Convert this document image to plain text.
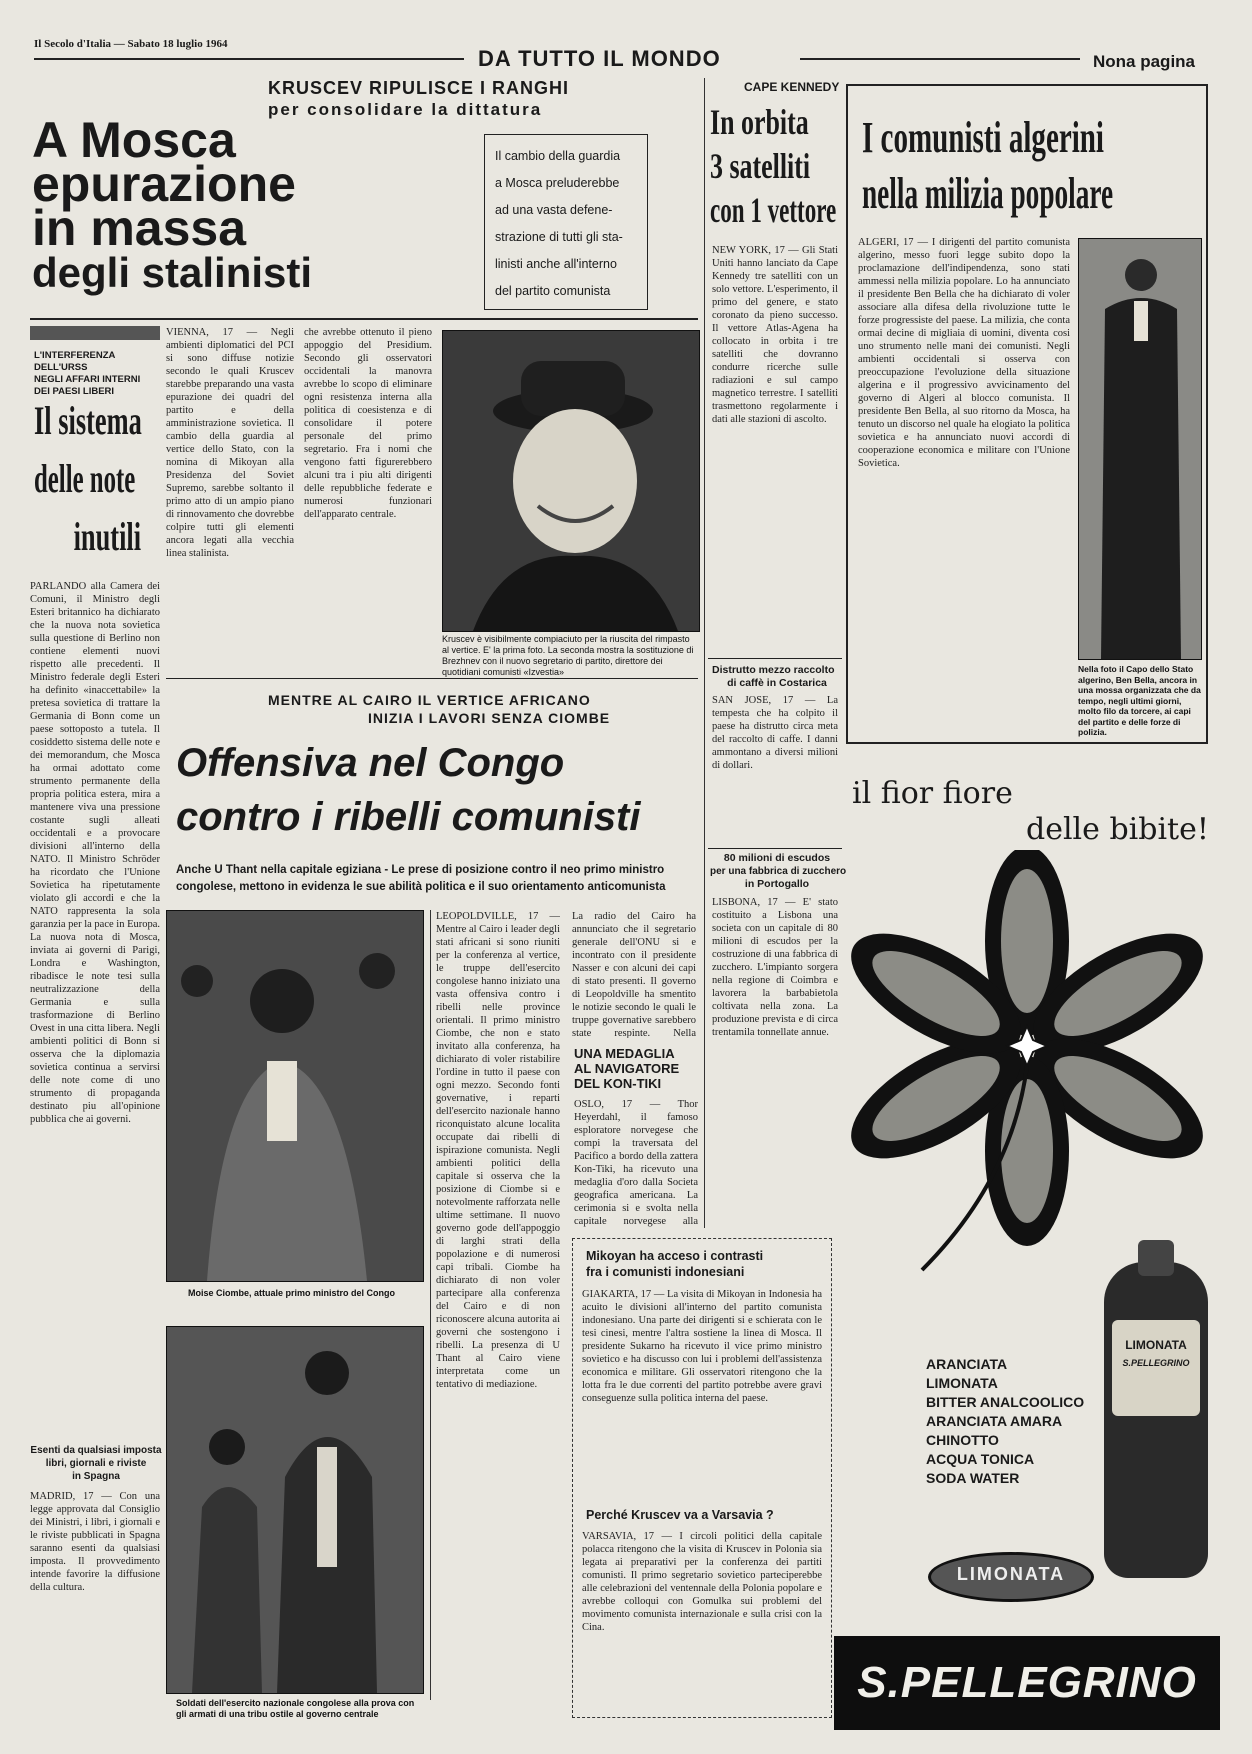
Il Secolo d'Italia — Sabato 18 luglio 1964
DA TUTTO IL MONDO	Nona pagina
KRUSCEV RIPULISCE I RANGHI
per consolidare la dittatura
A Mosca
epurazione
in massa
degli stalinisti
Il cambio della guardia
a Mosca preluderebbe
ad una vasta defene-
strazione di tutti gli sta-
linisti anche all'interno
del partito comunista

VIENNA, 17 — Negli ambienti diplomatici del PCI si sono diffuse notizie secondo le quali Kruscev starebbe preparando una vasta epurazione dei quadri del partito e della amministrazione sovietica. Il cambio della guardia al vertice dello Stato, con la nomina di Mikoyan alla Presidenza del Soviet Supremo, sarebbe soltanto il primo atto di un ampio piano di rinnovamento che dovrebbe colpire tutti gli elementi ancora legati alla vecchia linea stalinista.

che avrebbe ottenuto il pieno appoggio del Presidium. Secondo gli osservatori occidentali la manovra avrebbe lo scopo di eliminare ogni resistenza interna alla politica di coesistenza e di consolidare il potere personale del primo segretario. Fra i nomi che vengono fatti figurerebbero alcuni tra i piu alti dirigenti delle repubbliche federate e numerosi funzionari dell'apparato centrale.

Kruscev è visibilmente compiaciuto per la riuscita del rimpasto al vertice. E' la prima foto. La seconda mostra la sostituzione di Brezhnev con il nuovo segretario di partito, direttore dei quotidiani comunisti «Izvestia»

L'INTERFERENZA DELL'URSS
NEGLI AFFARI INTERNI
DEI PAESI LIBERI
Il sistema
delle note
inutili

PARLANDO alla Camera dei Comuni, il Ministro degli Esteri britannico ha dichiarato che la nuova nota sovietica sulla questione di Berlino non contiene elementi nuovi rispetto alle precedenti. Il Ministro federale degli Esteri ha definito «inaccettabile» la pretesa sovietica di trattare la Germania di Bonn come un paese sottoposto a tutela. Il cosiddetto sistema delle note e dei memorandum, che Mosca ha ormai adottato come strumento permanente della propria politica estera, mira a mantenere viva una pressione costante sugli alleati occidentali e a provocare divisioni all'interno della NATO. Il Ministro Schröder ha ricordato che l'Unione Sovietica ha ripetutamente violato gli accordi e che la NATO rappresenta la sola garanzia per la pace in Europa. La nuova nota di Mosca, inviata ai governi di Parigi, Londra e Washington, ribadisce le note tesi sulla neutralizzazione della Germania e sulla trasformazione di Berlino Ovest in una citta libera. Negli ambienti politici di Bonn si osserva che la diplomazia sovietica continua a servirsi delle note come di uno strumento di propaganda destinato piu all'opinione pubblica che ai governi.

Esenti da qualsiasi imposta
libri, giornali e riviste
in Spagna

MADRID, 17 — Con una legge approvata dal Consiglio dei Ministri, i libri, i giornali e le riviste pubblicati in Spagna saranno esenti da qualsiasi imposta. Il provvedimento intende favorire la diffusione della cultura.

MENTRE AL CAIRO IL VERTICE AFRICANO
INIZIA I LAVORI SENZA CIOMBE
Offensiva nel Congo
contro i ribelli comunisti

Anche U Thant nella capitale egiziana - Le prese di posizione contro il neo primo ministro congolese, mettono in evidenza le sue abilità politica e il suo orientamento anticomunista

Moise Ciombe, attuale primo ministro del Congo

Soldati dell'esercito nazionale congolese alla prova con gli armati di una tribu ostile al governo centrale

LEOPOLDVILLE, 17 — Mentre al Cairo i leader degli stati africani si sono riuniti per la conferenza al vertice, le truppe dell'esercito congolese hanno iniziato una vasta offensiva contro i ribelli nelle province orientali. Il primo ministro Ciombe, che non e stato invitato alla conferenza, ha dichiarato di voler ristabilire l'ordine in tutto il paese con ogni mezzo. Secondo fonti governative, i reparti dell'esercito nazionale hanno riconquistato alcune localita occupate dai ribelli di ispirazione comunista. Negli ambienti politici della capitale si osserva che la posizione di Ciombe si e notevolmente rafforzata nelle ultime settimane. Il nuovo governo gode dell'appoggio di larghi strati della popolazione e di numerosi capi tribali. Ciombe ha dichiarato di non voler partecipare alla conferenza del Cairo e di non riconoscere alcuna autorita ai governi che sostengono i ribelli. La presenza di U Thant al Cairo viene interpretata come un tentativo di mediazione.

La radio del Cairo ha annunciato che il segretario generale dell'ONU si e incontrato con il presidente Nasser e con alcuni dei capi di stato presenti. Il governo di Leopoldville ha smentito le notizie secondo le quali le truppe governative sarebbero state respinte. Nella

UNA MEDAGLIA
AL NAVIGATORE
DEL KON-TIKI

OSLO, 17 — Thor Heyerdahl, il famoso esploratore norvegese che compi la traversata del Pacifico a bordo della zattera Kon-Tiki, ha ricevuto una medaglia d'oro dalla Societa geografica americana. La cerimonia si e svolta nella capitale norvegese alla

CAPE KENNEDY
In orbita
3 satelliti
con 1 vettore

NEW YORK, 17 — Gli Stati Uniti hanno lanciato da Cape Kennedy tre satelliti con un solo vettore. L'esperimento, il primo del genere, e stato coronato da pieno successo. Il vettore Atlas-Agena ha collocato in orbita i tre satelliti che dovranno condurre ricerche sulle radiazioni e sul campo magnetico terrestre. I satelliti trasmettono regolarmente i dati alle stazioni di ascolto.

Distrutto mezzo raccolto
di caffè in Costarica

SAN JOSE, 17 — La tempesta che ha colpito il paese ha distrutto circa meta del raccolto di caffe. I danni ammontano a diversi milioni di dollari.

80 milioni di escudos
per una fabbrica di zucchero
in Portogallo

LISBONA, 17 — E' stato costituito a Lisbona una societa con un capitale di 80 milioni di escudos per la costruzione di una fabbrica di zucchero. L'impianto sorgera nella regione di Coimbra e lavorera la barbabietola coltivata nella zona. La produzione prevista e di circa trentamila tonnellate annue.

I comunisti algerini
nella milizia popolare

ALGERI, 17 — I dirigenti del partito comunista algerino, messo fuori legge subito dopo la proclamazione dell'indipendenza, sono stati ammessi nella milizia popolare. Lo ha annunciato il presidente Ben Bella che ha dichiarato di voler associare alla difesa della rivoluzione tutte le forze progressiste del paese. La milizia, che conta ormai decine di migliaia di uomini, diventa cosi uno strumento nelle mani dei comunisti. Negli ambienti occidentali si osserva con preoccupazione l'evoluzione della situazione algerina e il progressivo avvicinamento del governo di Algeri al blocco comunista. Il presidente Ben Bella, al suo ritorno da Mosca, ha tenuto un discorso nel quale ha elogiato la politica sovietica e ha annunciato nuovi accordi di cooperazione economica e militare con l'Unione Sovietica.

Nella foto il Capo dello Stato algerino, Ben Bella, ancora in una mossa organizzata che da tempo, negli ultimi giorni, molto filo da torcere, ai capi del partito e delle forze di polizia.

Mikoyan ha acceso i contrasti
fra i comunisti indonesiani

GIAKARTA, 17 — La visita di Mikoyan in Indonesia ha acuito le divisioni all'interno del partito comunista indonesiano. Una parte dei dirigenti si e schierata con le tesi cinesi, mentre l'altra sostiene la linea di Mosca. Il presidente Sukarno ha ricevuto il vice primo ministro sovietico e ha discusso con lui i problemi dell'assistenza economica e militare. Gli osservatori ritengono che la lotta fra le due correnti del partito potrebbe avere gravi conseguenze sulla politica interna del paese.

Perché Kruscev va a Varsavia ?

VARSAVIA, 17 — I circoli politici della capitale polacca ritengono che la visita di Kruscev in Polonia sia legata ai preparativi per la conferenza dei partiti comunisti. Il primo segretario sovietico parteciperebbe alle celebrazioni del ventennale della Polonia popolare e avrebbe colloqui con Gomulka sui problemi del movimento comunista internazionale e sulla crisi con la Cina.

il fior fiore
delle bibite!
ARANCIATA
LIMONATA
BITTER ANALCOOLICO
ARANCIATA AMARA
CHINOTTO
ACQUA TONICA
SODA WATER
LIMONATA
S.PELLEGRINO
LIMONATA
S.PELLEGRINO
